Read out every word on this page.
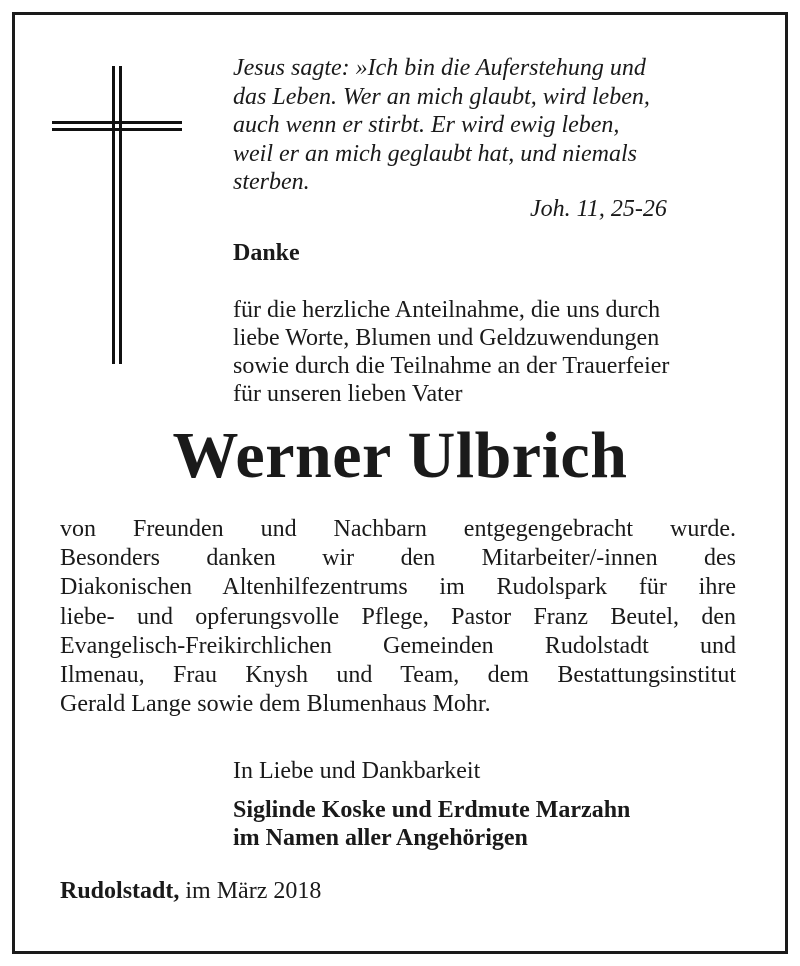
Jesus sagte: »Ich bin die Auferstehung und
das Leben. Wer an mich glaubt, wird leben,
auch wenn er stirbt. Er wird ewig leben,
weil er an mich geglaubt hat, und niemals
sterben.
Joh. 11, 25-26
Danke
für die herzliche Anteilnahme, die uns durch
liebe Worte, Blumen und Geldzuwendungen
sowie durch die Teilnahme an der Trauerfeier
für unseren lieben Vater
Werner Ulbrich
von Freunden und Nachbarn entgegengebracht wurde.
Besonders danken wir den Mitarbeiter/-innen des
Diakonischen Altenhilfezentrums im Rudolspark für ihre
liebe- und opferungsvolle Pflege, Pastor Franz Beutel, den
Evangelisch-Freikirchlichen Gemeinden Rudolstadt und
Ilmenau, Frau Knysh und Team, dem Bestattungsinstitut
Gerald Lange sowie dem Blumenhaus Mohr.
In Liebe und Dankbarkeit
Siglinde Koske und Erdmute Marzahn
im Namen aller Angehörigen
Rudolstadt, im März 2018
